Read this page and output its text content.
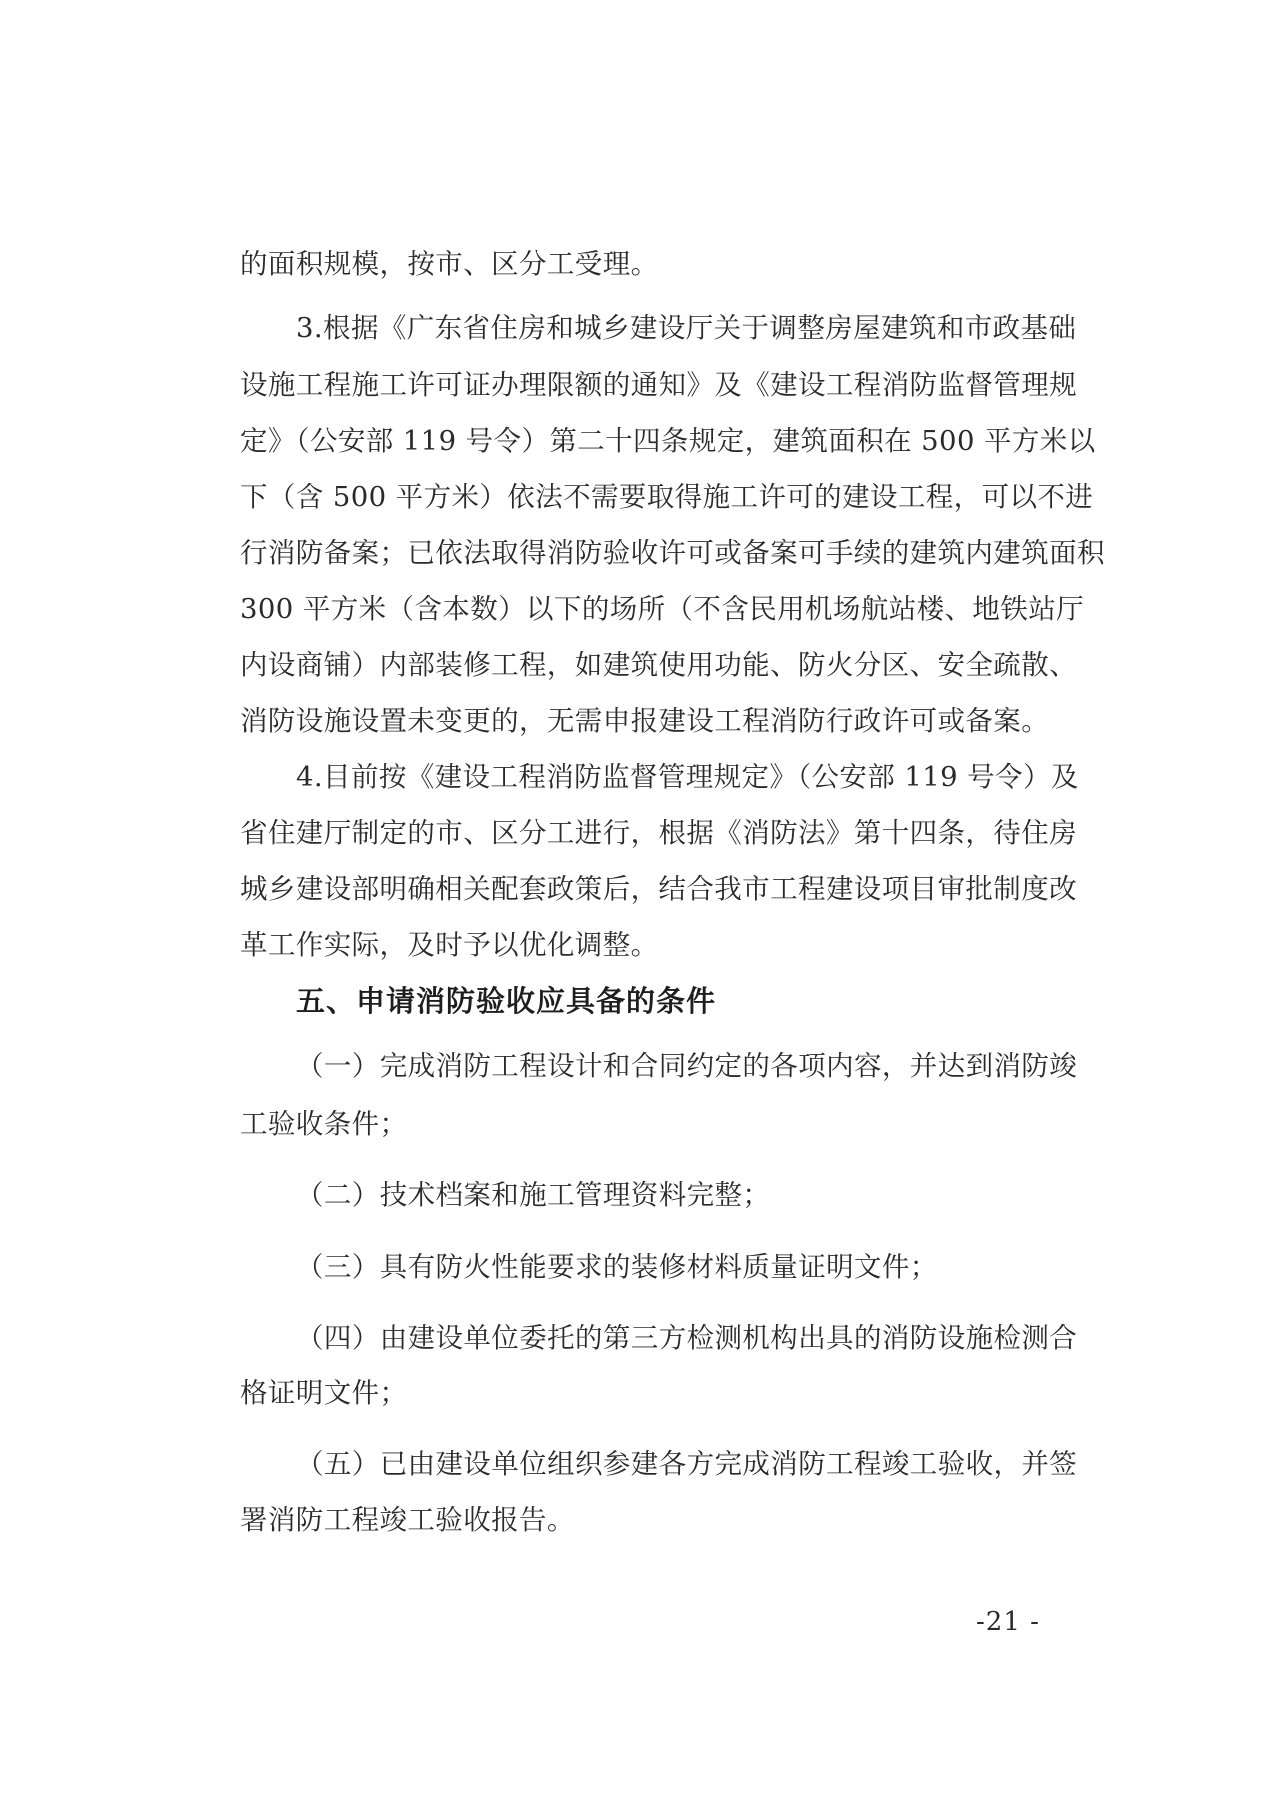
的面积规模，按市、区分工受理。
3.根据《广东省住房和城乡建设厅关于调整房屋建筑和市政基础
设施工程施工许可证办理限额的通知》及《建设工程消防监督管理规
定》（公安部 119 号令）第二十四条规定，建筑面积在 500 平方米以
下（含 500 平方米）依法不需要取得施工许可的建设工程，可以不进
行消防备案；已依法取得消防验收许可或备案可手续的建筑内建筑面积
300 平方米（含本数）以下的场所（不含民用机场航站楼、地铁站厅
内设商铺）内部装修工程，如建筑使用功能、防火分区、安全疏散、
消防设施设置未变更的，无需申报建设工程消防行政许可或备案。
4.目前按《建设工程消防监督管理规定》（公安部 119 号令）及
省住建厅制定的市、区分工进行，根据《消防法》第十四条，待住房
城乡建设部明确相关配套政策后，结合我市工程建设项目审批制度改
革工作实际，及时予以优化调整。
五、申请消防验收应具备的条件
（一）完成消防工程设计和合同约定的各项内容，并达到消防竣
工验收条件；
（二）技术档案和施工管理资料完整；
（三）具有防火性能要求的装修材料质量证明文件；
（四）由建设单位委托的第三方检测机构出具的消防设施检测合
格证明文件；
（五）已由建设单位组织参建各方完成消防工程竣工验收，并签
署消防工程竣工验收报告。
-21 -
